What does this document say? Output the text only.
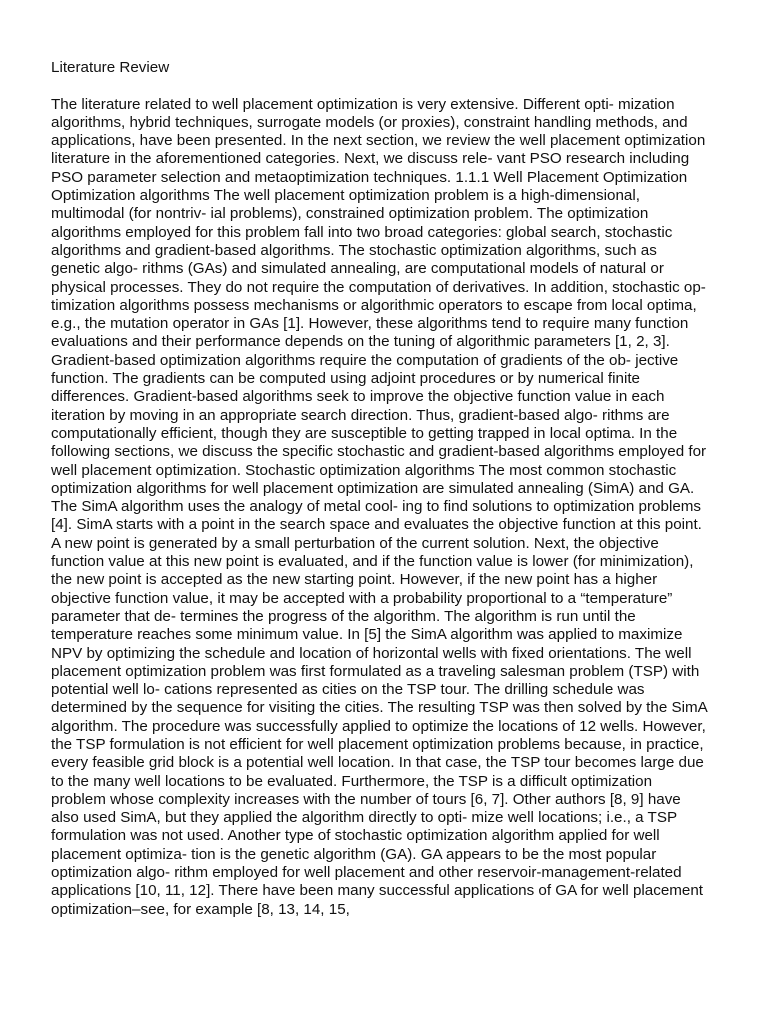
Literature Review
The literature related to well placement optimization is very extensive. Different opti- mization
algorithms, hybrid techniques, surrogate models (or proxies), constraint handling methods, and
applications, have been presented. In the next section, we review the well placement optimization
literature in the aforementioned categories. Next, we discuss rele- vant PSO research including
PSO parameter selection and metaoptimization techniques. 1.1.1 Well Placement Optimization
Optimization algorithms The well placement optimization problem is a high-dimensional,
multimodal (for nontriv- ial problems), constrained optimization problem. The optimization
algorithms employed for this problem fall into two broad categories: global search, stochastic
algorithms and gradient-based algorithms. The stochastic optimization algorithms, such as
genetic algo- rithms (GAs) and simulated annealing, are computational models of natural or
physical processes. They do not require the computation of derivatives. In addition, stochastic op-
timization algorithms possess mechanisms or algorithmic operators to escape from local optima,
e.g., the mutation operator in GAs [1]. However, these algorithms tend to require many function
evaluations and their performance depends on the tuning of algorithmic parameters [1, 2, 3].
Gradient-based optimization algorithms require the computation of gradients of the ob- jective
function. The gradients can be computed using adjoint procedures or by numerical finite
differences. Gradient-based algorithms seek to improve the objective function value in each
iteration by moving in an appropriate search direction. Thus, gradient-based algo- rithms are
computationally efficient, though they are susceptible to getting trapped in local optima. In the
following sections, we discuss the specific stochastic and gradient-based algorithms employed for
well placement optimization. Stochastic optimization algorithms The most common stochastic
optimization algorithms for well placement optimization are simulated annealing (SimA) and GA.
The SimA algorithm uses the analogy of metal cool- ing to find solutions to optimization problems
[4]. SimA starts with a point in the search space and evaluates the objective function at this point.
A new point is generated by a small perturbation of the current solution. Next, the objective
function value at this new point is evaluated, and if the function value is lower (for minimization),
the new point is accepted as the new starting point. However, if the new point has a higher
objective function value, it may be accepted with a probability proportional to a “temperature”
parameter that de- termines the progress of the algorithm. The algorithm is run until the
temperature reaches some minimum value. In [5] the SimA algorithm was applied to maximize
NPV by optimizing the schedule and location of horizontal wells with fixed orientations. The well
placement optimization problem was first formulated as a traveling salesman problem (TSP) with
potential well lo- cations represented as cities on the TSP tour. The drilling schedule was
determined by the sequence for visiting the cities. The resulting TSP was then solved by the SimA
algorithm. The procedure was successfully applied to optimize the locations of 12 wells. However,
the TSP formulation is not efficient for well placement optimization problems because, in practice,
every feasible grid block is a potential well location. In that case, the TSP tour becomes large due
to the many well locations to be evaluated. Furthermore, the TSP is a difficult optimization
problem whose complexity increases with the number of tours [6, 7]. Other authors [8, 9] have
also used SimA, but they applied the algorithm directly to opti- mize well locations; i.e., a TSP
formulation was not used. Another type of stochastic optimization algorithm applied for well
placement optimiza- tion is the genetic algorithm (GA). GA appears to be the most popular
optimization algo- rithm employed for well placement and other reservoir-management-related
applications [10, 11, 12]. There have been many successful applications of GA for well placement
optimization–see, for example [8, 13, 14, 15,
